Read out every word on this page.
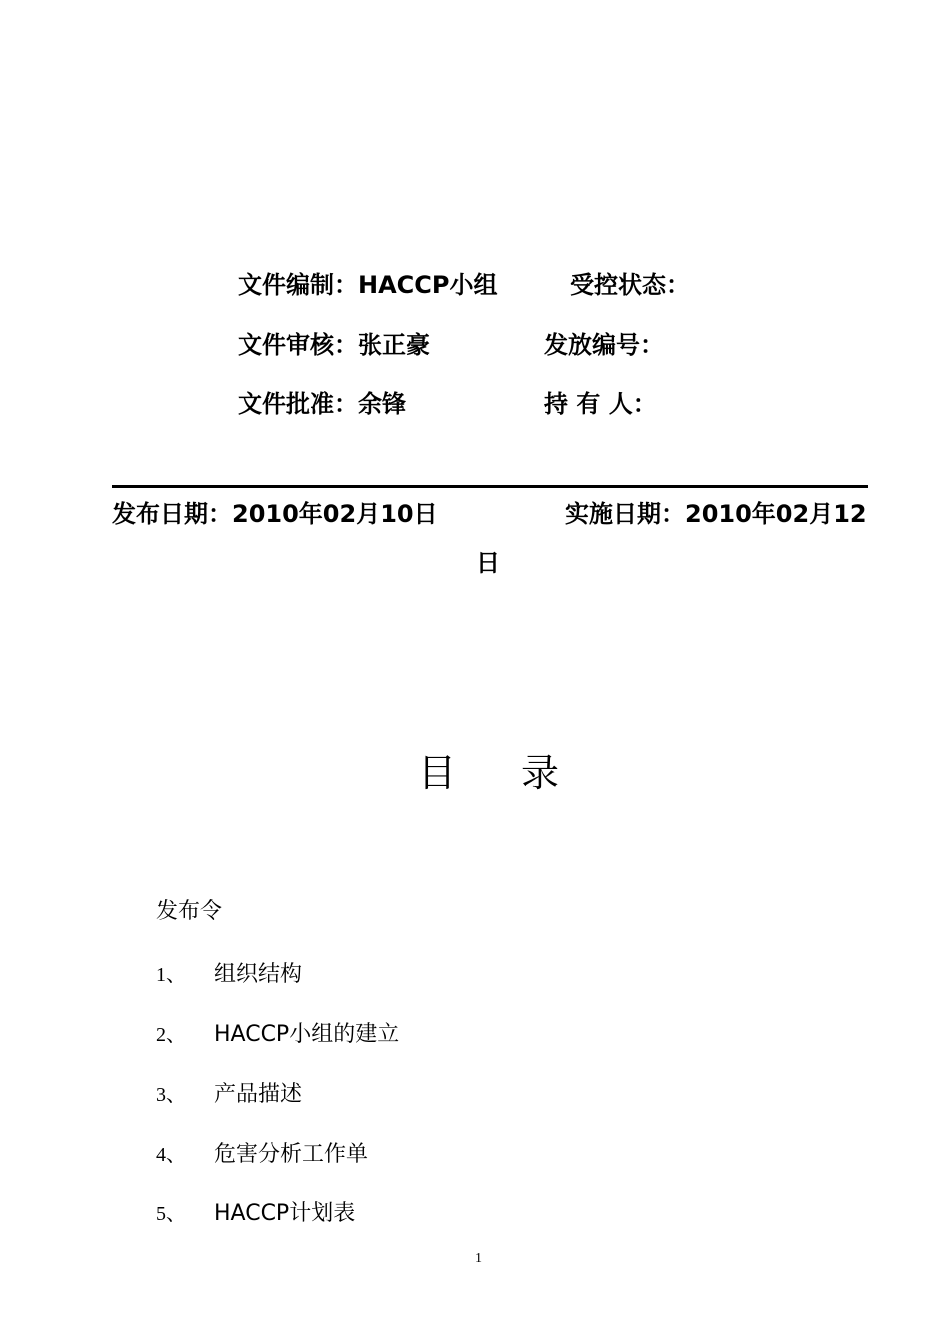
文件编制：HACCP小组	受控状态：
文件审核：张正豪	发放编号：
文件批准：余锋	持 有 人：
发布日期：2010年02月10日	实施日期：2010年02月12
日
目 录
发布令
1、 组织结构
2、 HACCP小组的建立
3、 产品描述
4、 危害分析工作单
5、 HACCP计划表
1
